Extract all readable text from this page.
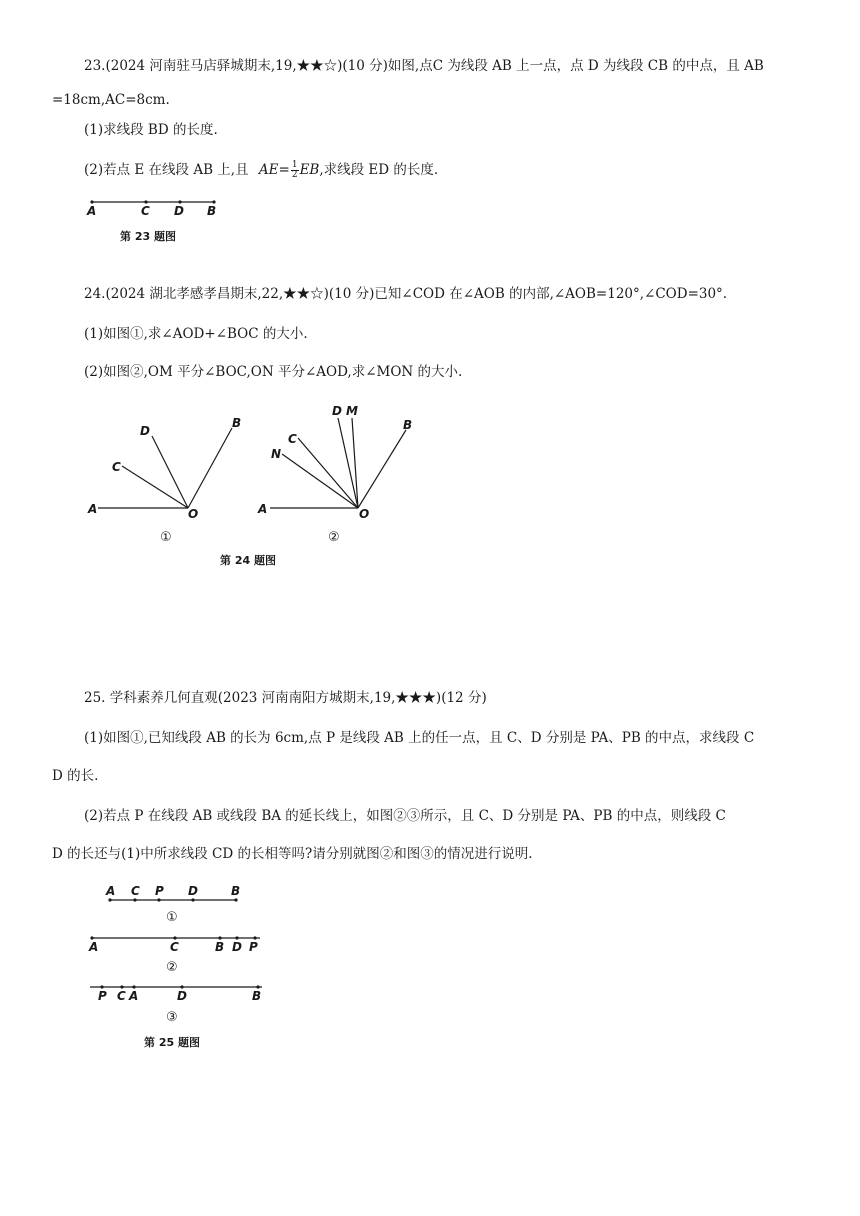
23.(2024 河南驻马店驿城期末,19,★★☆)(10 分)如图,点C 为线段 AB 上一点，点 D 为线段 CB 的中点，且 AB
=18cm,AC=8cm.
(1)求线段 BD 的长度.
(2)若点 E 在线段 AB 上,且 $AE= \frac{1}{2}$ EB,求线段 ED 的长度.
A	C D B
第 23 题图
24.(2024 湖北孝感孝昌期末,22,★★☆)(10 分)已知∠COD 在∠AOB 的内部,∠AOB=120°,∠COD=30°.
(1)如图①,求∠AOD+∠BOC 的大小.
(2)如图②,OM 平分∠BOC,ON 平分∠AOD,求∠MON 的大小.
D
B
C
A	O
①
D M
C
B
N
A	O
②
第 24 题图
25. 学科素养几何直观(2023 河南南阳方城期末,19,★★★)(12 分)
(1)如图①,已知线段 AB 的长为 6cm,点 P 是线段 AB 上的任一点，且 C、D 分别是 PA、PB 的中点，求线段 C
D 的长.
(2)若点 P 在线段 AB 或线段 BA 的延长线上，如图②③所示，且 C、D 分别是 PA、PB 的中点，则线段 C
D 的长还与(1)中所求线段 CD 的长相等吗?请分别就图②和图③的情况进行说明.
A C P D	B
①
A	C	B D P
②
P C A	D	B
③
第 25 题图
